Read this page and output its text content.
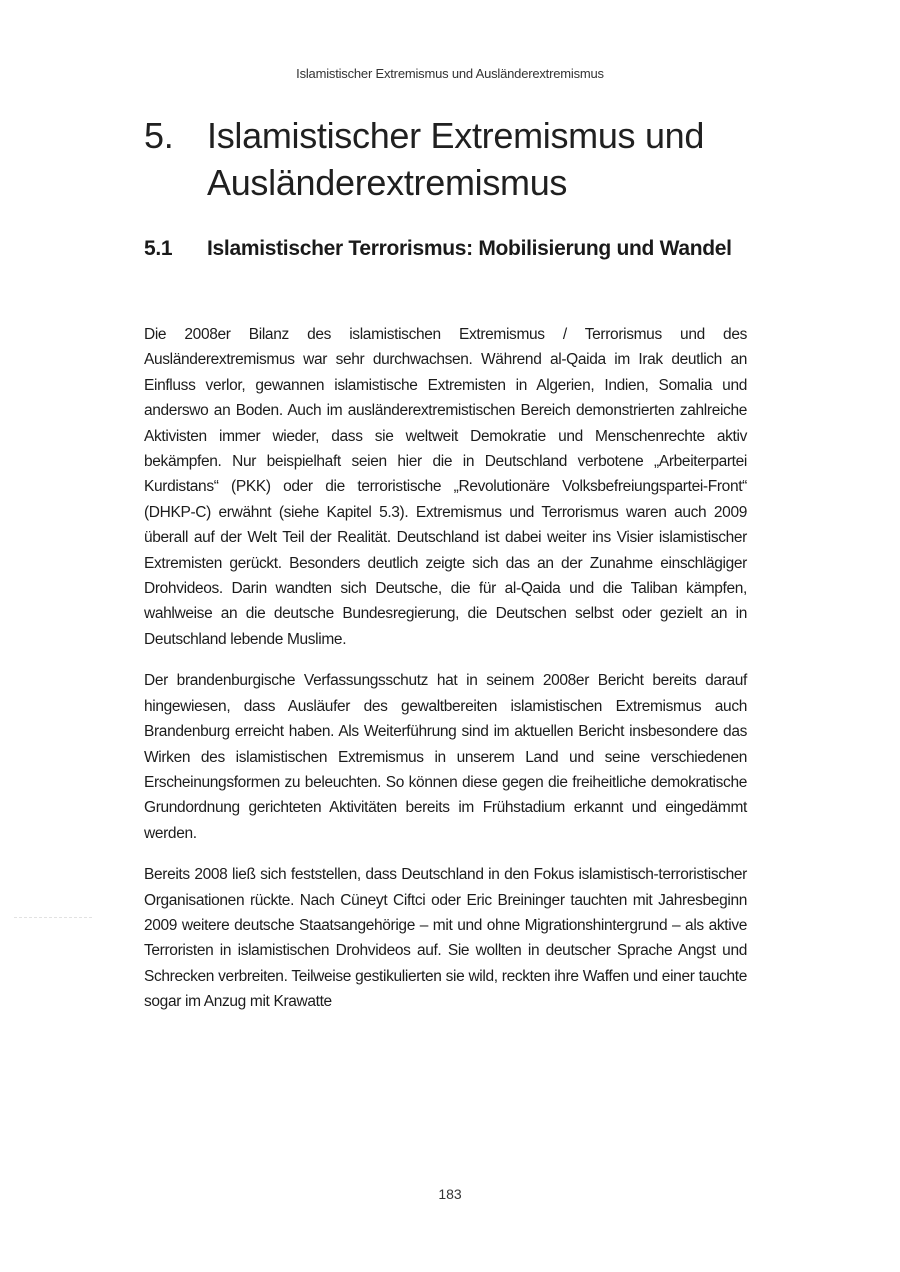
Islamistischer Extremismus und Ausländerextremismus
5. Islamistischer Extremismus und Ausländerextremismus
5.1 Islamistischer Terrorismus: Mobilisierung und Wandel

Die 2008er Bilanz des islamistischen Extremismus / Terrorismus und des Ausländerextremismus war sehr durchwachsen. Während al-Qaida im Irak deutlich an Einfluss verlor, gewannen islamistische Extremisten in Algerien, Indien, Somalia und anderswo an Boden. Auch im ausländerextremistischen Bereich demonstrierten zahlreiche Aktivisten immer wieder, dass sie weltweit Demokratie und Menschenrechte aktiv bekämpfen. Nur beispielhaft seien hier die in Deutschland verbotene „Arbeiterpartei Kurdistans“ (PKK) oder die terroristische „Revolutionäre Volksbefreiungspartei-Front“ (DHKP-C) erwähnt (siehe Kapitel 5.3). Extremismus und Terrorismus waren auch 2009 überall auf der Welt Teil der Realität. Deutschland ist dabei weiter ins Visier islamistischer Extremisten gerückt. Besonders deutlich zeigte sich das an der Zunahme einschlägiger Drohvideos. Darin wandten sich Deutsche, die für al-Qaida und die Taliban kämpfen, wahlweise an die deutsche Bundesregierung, die Deutschen selbst oder gezielt an in Deutschland lebende Muslime.

Der brandenburgische Verfassungsschutz hat in seinem 2008er Bericht bereits darauf hingewiesen, dass Ausläufer des gewaltbereiten islamistischen Extremismus auch Brandenburg erreicht haben. Als Weiterführung sind im aktuellen Bericht insbesondere das Wirken des islamistischen Extremismus in unserem Land und seine verschiedenen Erscheinungsformen zu beleuchten. So können diese gegen die freiheitliche demokratische Grundordnung gerichteten Aktivitäten bereits im Frühstadium erkannt und eingedämmt werden.

Bereits 2008 ließ sich feststellen, dass Deutschland in den Fokus islamistisch-terroristischer Organisationen rückte. Nach Cüneyt Ciftci oder Eric Breininger tauchten mit Jahresbeginn 2009 weitere deutsche Staatsangehörige – mit und ohne Migrationshintergrund – als aktive Terroristen in islamistischen Drohvideos auf. Sie wollten in deutscher Sprache Angst und Schrecken verbreiten. Teilweise gestikulierten sie wild, reckten ihre Waffen und einer tauchte sogar im Anzug mit Krawatte

183
